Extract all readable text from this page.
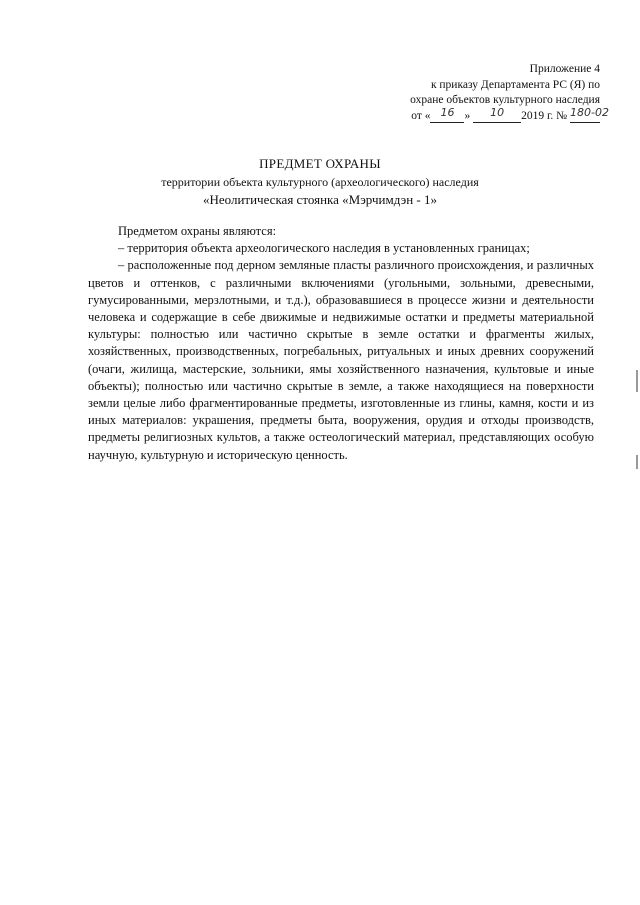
Приложение 4
к приказу Департамента РС (Я) по
охране объектов культурного наследия
от « 16 » 10 2019 г. № 180-02
ПРЕДМЕТ ОХРАНЫ
территории объекта культурного (археологического) наследия
«Неолитическая стоянка «Мэрчимдэн - 1»

Предметом охраны являются:

– территория объекта археологического наследия в установленных границах;

– расположенные под дерном земляные пласты различного происхождения, и различных цветов и оттенков, с различными включениями (угольными, зольными, древесными, гумусированными, мерзлотными, и т.д.), образовавшиеся в процессе жизни и деятельности человека и содержащие в себе движимые и недвижимые остатки и предметы материальной культуры: полностью или частично скрытые в земле остатки и фрагменты жилых, хозяйственных, производственных, погребальных, ритуальных и иных древних сооружений (очаги, жилища, мастерские, зольники, ямы хозяйственного назначения, культовые и иные объекты); полностью или частично скрытые в земле, а также находящиеся на поверхности земли целые либо фрагментированные предметы, изготовленные из глины, камня, кости и из иных материалов: украшения, предметы быта, вооружения, орудия и отходы производств, предметы религиозных культов, а также остеологический материал, представляющих особую научную, культурную и историческую ценность.
